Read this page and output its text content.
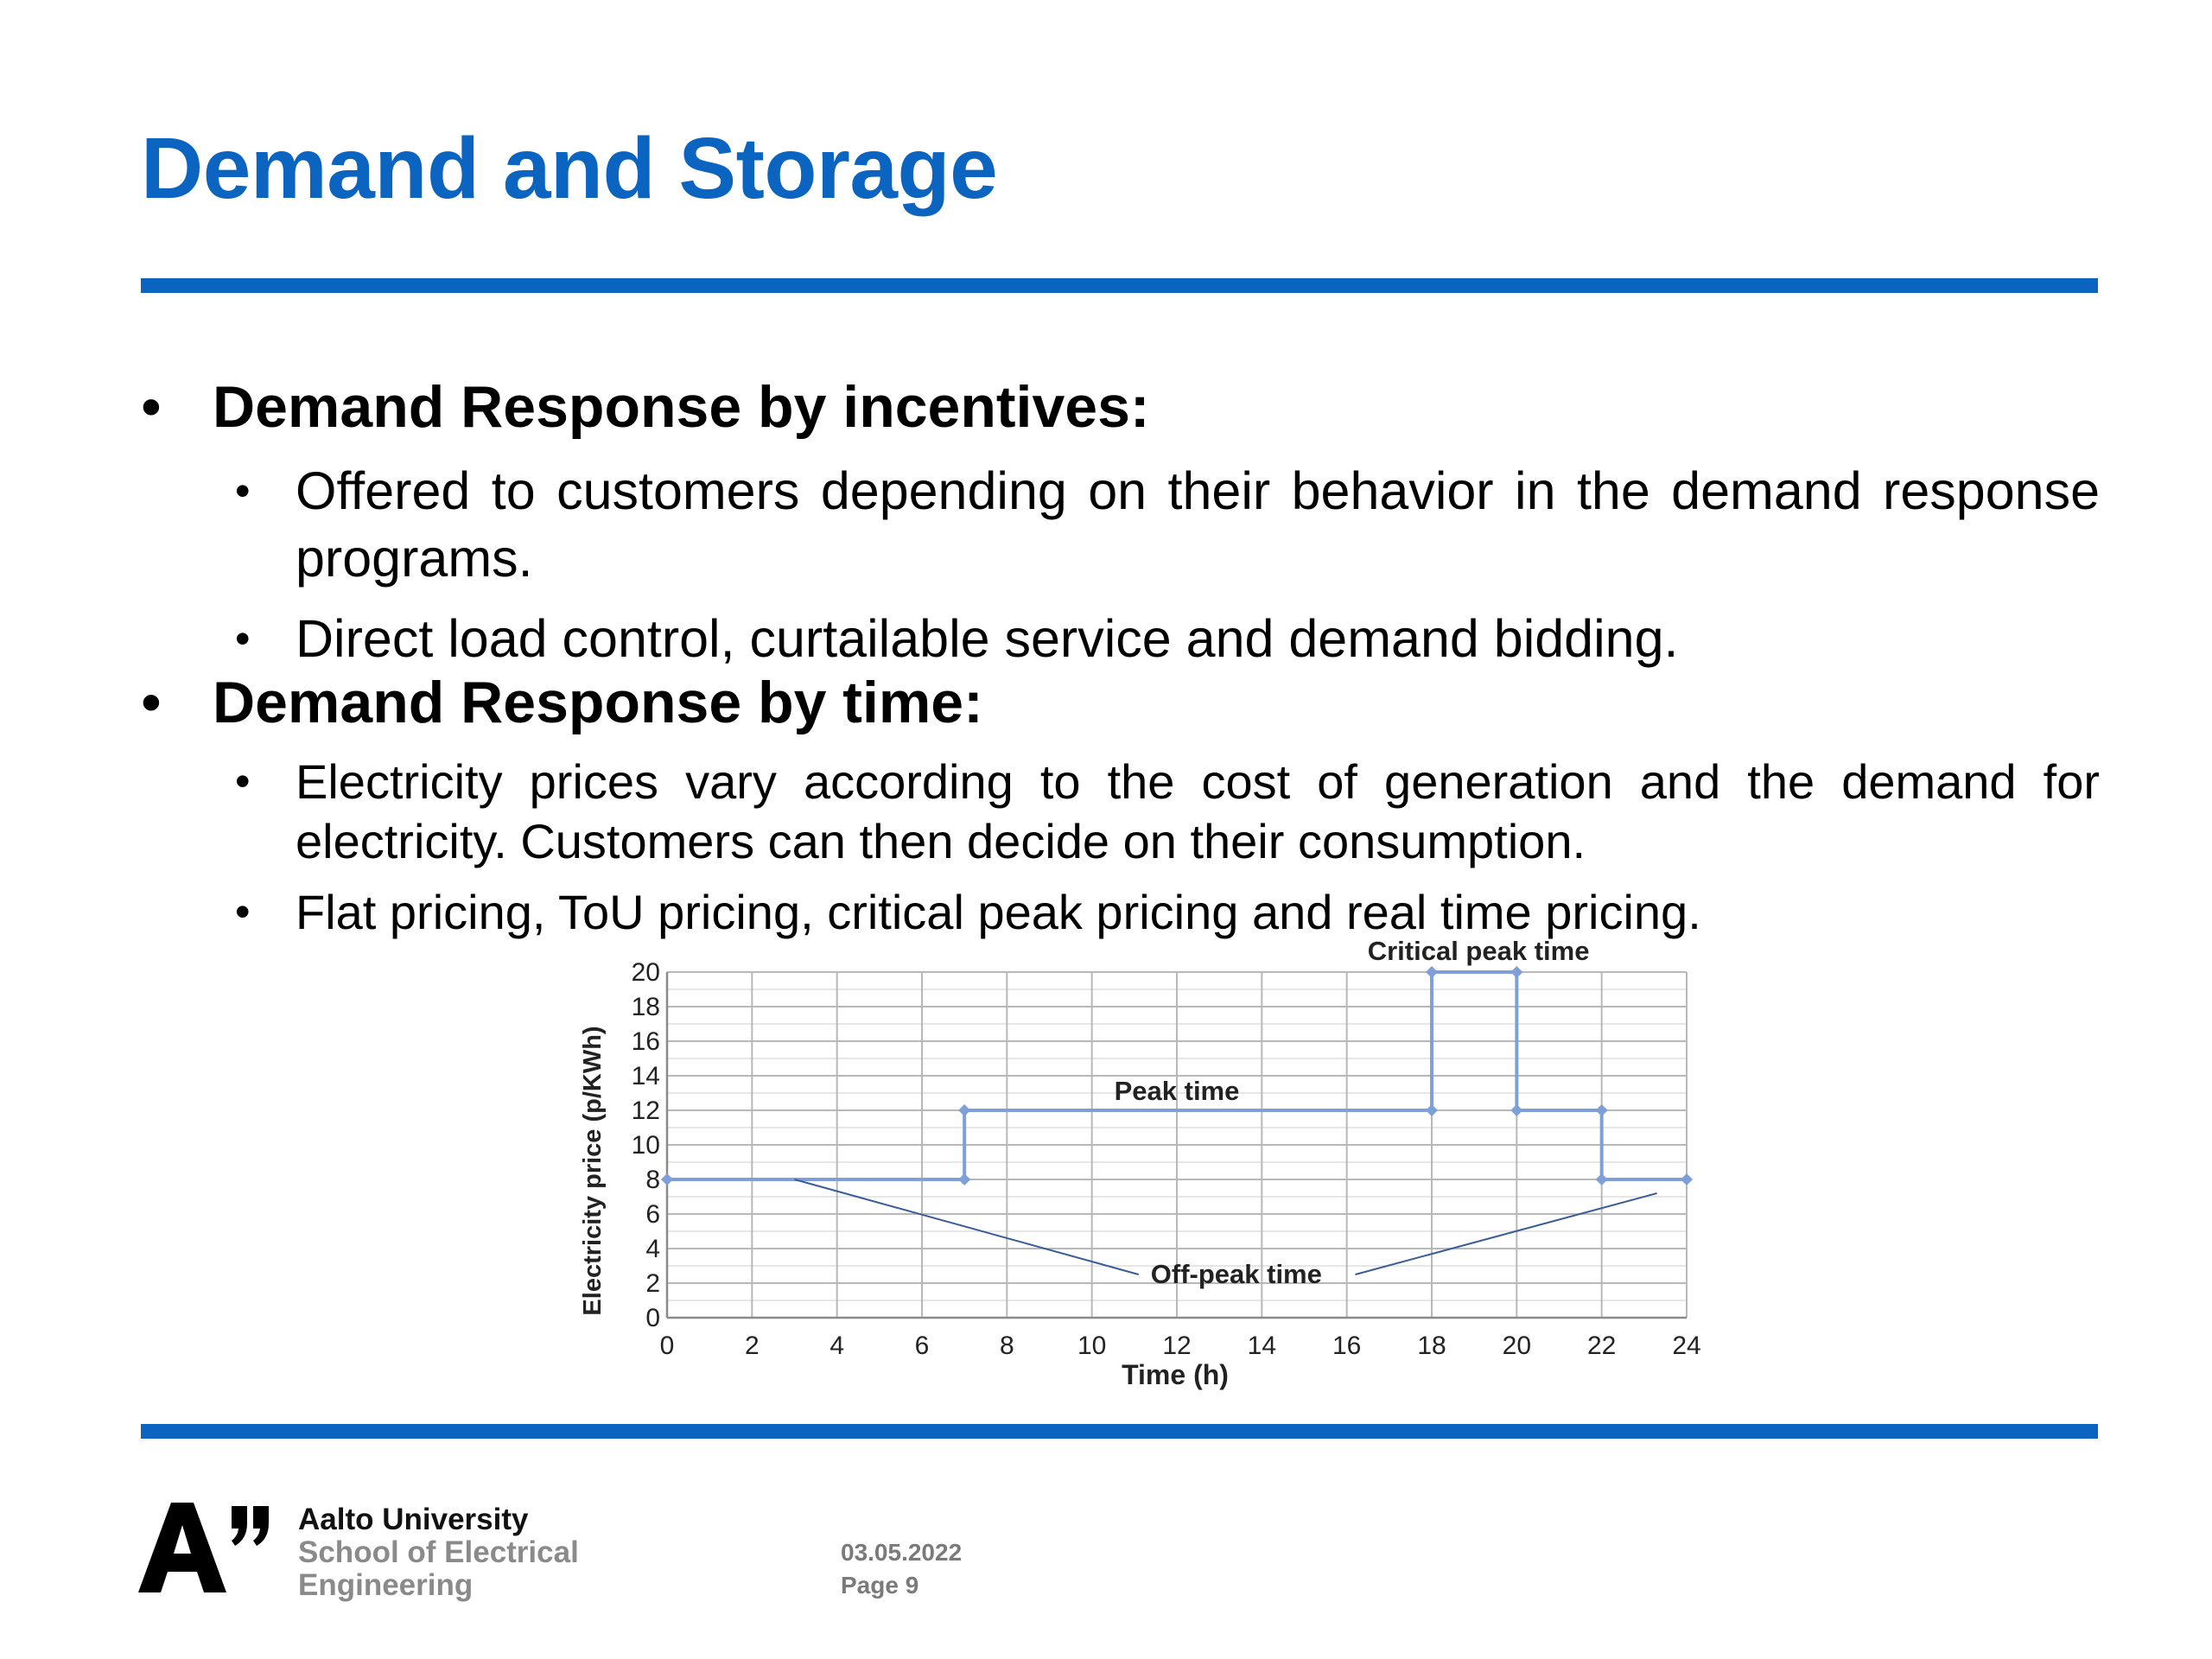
Demand and Storage
• Demand Response by incentives:
• Offered to customers depending on their behavior in the demand response programs.
• Direct load control, curtailable service and demand bidding.
• Demand Response by time:
• Electricity prices vary according to the cost of generation and the demand for electricity. Customers can then decide on their consumption.
• Flat pricing, ToU pricing, critical peak pricing and real time pricing.
0	2	4	6	8 10 12 14 16 18 20 22 24
0
2
4
6
8
10
12
14
16
18
20
Peak time
Critical peak time
Off-peak time
Time (h)
Electricity price (p/KWh)
Aalto University
School of Electrical
Engineering
03.05.2022
Page 9
